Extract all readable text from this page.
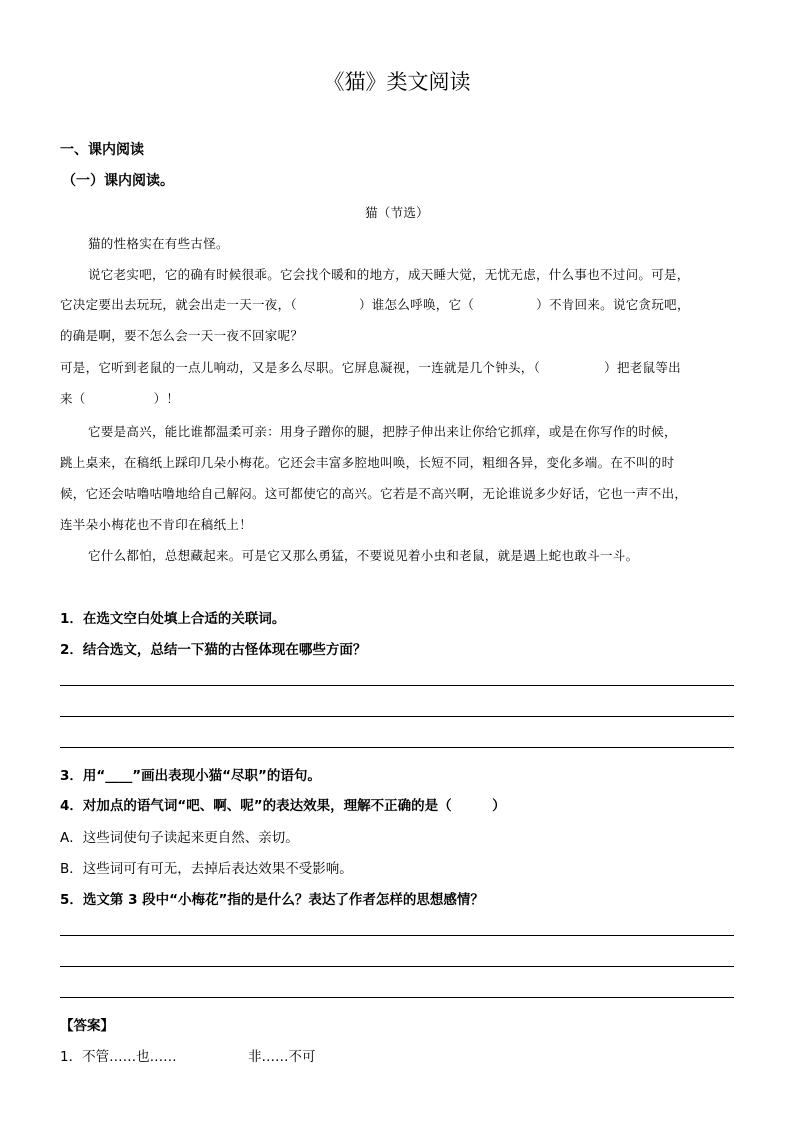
《猫》类文阅读
一、课内阅读
（一）课内阅读。
猫（节选）
猫的性格实在有些古怪。
说它老实吧，它的确有时候很乖。它会找个暖和的地方，成天睡大觉，无忧无虑，什么事也不过问。可是，
它决定要出去玩玩，就会出走一天一夜，（	）谁怎么呼唤，它（	）不肯回来。说它贪玩吧，
的确是啊，要不怎么会一天一夜不回家呢？
可是，它听到老鼠的一点儿响动，又是多么尽职。它屏息凝视，一连就是几个钟头，（	）把老鼠等出
来（	）！
它要是高兴，能比谁都温柔可亲：用身子蹭你的腿，把脖子伸出来让你给它抓痒，或是在你写作的时候，
跳上桌来，在稿纸上踩印几朵小梅花。它还会丰富多腔地叫唤，长短不同，粗细各异，变化多端。在不叫的时
候，它还会咕噜咕噜地给自己解闷。这可都使它的高兴。它若是不高兴啊，无论谁说多少好话，它也一声不出，
连半朵小梅花也不肯印在稿纸上！
它什么都怕，总想藏起来。可是它又那么勇猛，不要说见着小虫和老鼠，就是遇上蛇也敢斗一斗。
1．在选文空白处填上合适的关联词。
2．结合选文，总结一下猫的古怪体现在哪些方面？
3．用“____”画出表现小猫“尽职”的语句。
4．对加点的语气词“吧、啊、呢”的表达效果，理解不正确的是（　　　）
A．这些词使句子读起来更自然、亲切。
B．这些词可有可无，去掉后表达效果不受影响。
5．选文第 3 段中“小梅花”指的是什么？表达了作者怎样的思想感情？
【答案】
1．不管……也……	非……不可
